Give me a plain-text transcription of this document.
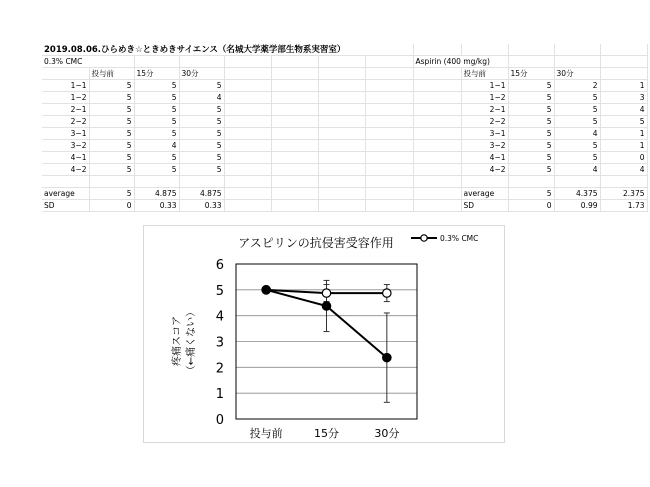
2019.08.06.ひらめき☆ときめきサイエンス（名城大学薬学部生物系実習室）												
0.3% CMC								Aspirin (400 mg/kg)				
	投与前	15分	30分						投与前	15分	30分	
1−1	5	5	5						1−1	5	2	1
1−2	5	5	4						1−2	5	5	3
2−1	5	5	5						2−1	5	5	4
2−2	5	5	5						2−2	5	5	5
3−1	5	5	5						3−1	5	4	1
3−2	5	4	5						3−2	5	5	1
4−1	5	5	5						4−1	5	5	0
4−2	5	5	5						4−2	5	4	4

average	5	4.875	4.875						average	5	4.375	2.375
SD	0	0.33	0.33						SD	0	0.99	1.73
アスピリンの抗侵害受容作用
0
1
2
3
4
5
6
投与前	15分	30分
疼痛スコア （←痛くない）
0.3% CMC
